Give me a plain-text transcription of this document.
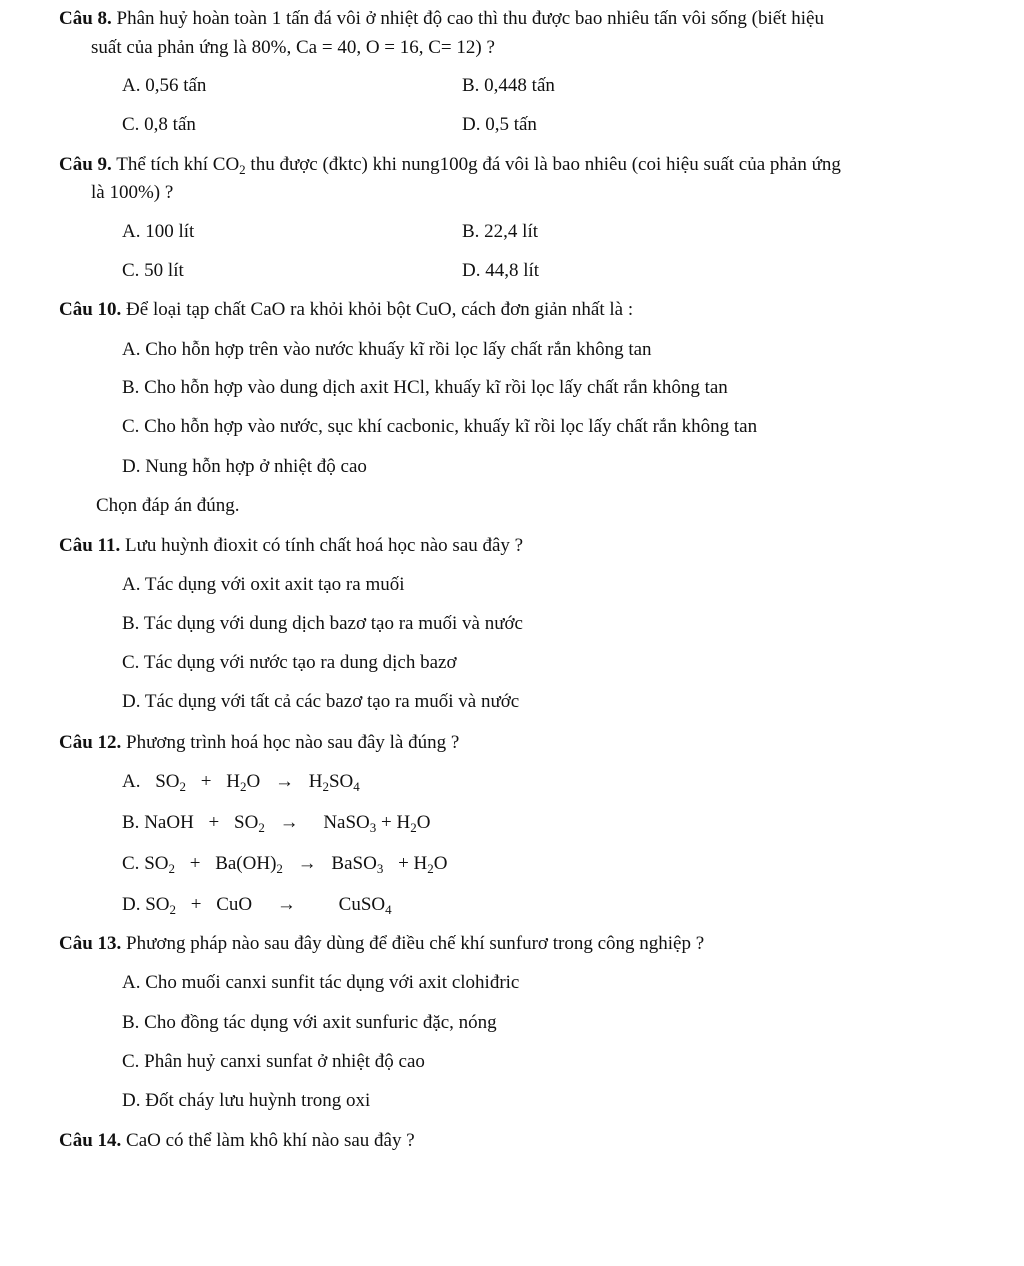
Câu 8. Phân huỷ hoàn toàn 1 tấn đá vôi ở nhiệt độ cao thì thu được bao nhiêu tấn vôi sống (biết hiệu
suất của phản ứng là 80%, Ca = 40, O = 16, C= 12) ?
A. 0,56 tấn	B. 0,448 tấn
C. 0,8 tấn	D. 0,5 tấn
Câu 9. Thể tích khí $CO_2$ thu được (đktc) khi nung100g đá vôi là bao nhiêu (coi hiệu suất của phản ứng
là 100%) ?
A. 100 lít	B. 22,4 lít
C. 50 lít	D. 44,8 lít
Câu 10. Để loại tạp chất CaO ra khỏi khỏi bột CuO, cách đơn giản nhất là :
A. Cho hỗn hợp trên vào nước khuấy kĩ rồi lọc lấy chất rắn không tan
B. Cho hỗn hợp vào dung dịch axit HCl, khuấy kĩ rồi lọc lấy chất rắn không tan
C. Cho hỗn hợp vào nước, sục khí cacbonic, khuấy kĩ rồi lọc lấy chất rắn không tan
D. Nung hỗn hợp ở nhiệt độ cao
Chọn đáp án đúng.
Câu 11. Lưu huỳnh đioxit có tính chất hoá học nào sau đây ?
A. Tác dụng với oxit axit tạo ra muối
B. Tác dụng với dung dịch bazơ tạo ra muối và nước
C. Tác dụng với nước tạo ra dung dịch bazơ
D. Tác dụng với tất cả các bazơ tạo ra muối và nước
Câu 12. Phương trình hoá học nào sau đây là đúng ?
A. $SO_2 + H_2O \to H_2SO_4$
B. NaOH + $SO_2$ → NaSO$_3$ + $H_2O$
C. $SO_2 + Ba(OH)_2$ → BaSO$_3$ + $H_2O$
D. $SO_2$ + CuO → CuSO$_4$
Câu 13. Phương pháp nào sau đây dùng để điều chế khí sunfurơ trong công nghiệp ?
A. Cho muối canxi sunfit tác dụng với axit clohiđric
B. Cho đồng tác dụng với axit sunfuric đặc, nóng
C. Phân huỷ canxi sunfat ở nhiệt độ cao
D. Đốt cháy lưu huỳnh trong oxi
Câu 14. CaO có thể làm khô khí nào sau đây ?
